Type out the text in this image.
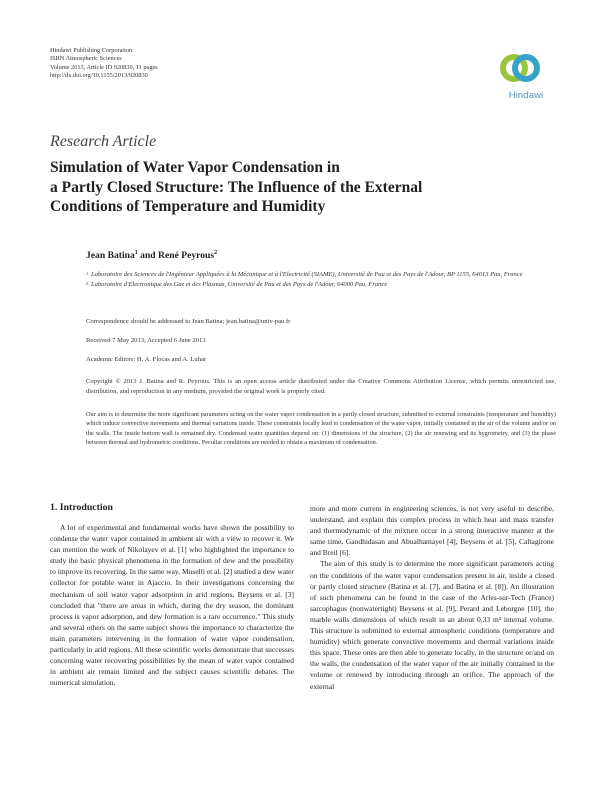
Hindawi Publishing Corporation
ISRN Atmospheric Sciences
Volume 2013, Article ID 920830, 11 pages
http://dx.doi.org/10.1155/2013/920830
Hindawi
Research Article
Simulation of Water Vapor Condensation in
a Partly Closed Structure: The Influence of the External
Conditions of Temperature and Humidity
Jean Batina$^1$ and René Peyrous$^2$
1 Laboratoire des Sciences de l'Ingénieur Appliquées à la Mécanique et à l'Electricité (SIAME), Université de Pau et des Pays de l'Adour, BP 1155, 64013 Pau, France
2 Laboratoire d'Electronique des Gaz et des Plasmas, Université de Pau et des Pays de l'Adour, 64000 Pau, France
Correspondence should be addressed to Jean Batina; jean.batina@univ-pau.fr
Received 7 May 2013; Accepted 6 June 2013
Academic Editors: H. A. Flocas and A. Luhar
Copyright © 2013 J. Batina and R. Peyrous. This is an open access article distributed under the Creative Commons Attribution License, which permits unrestricted use, distribution, and reproduction in any medium, provided the original work is properly cited.
Our aim is to determine the more significant parameters acting on the water vapor condensation in a partly closed structure, submitted to external constraints (temperature and humidity) which induce convective movements and thermal variations inside. These constraints locally lead to condensation of the water vapor, initially contained in the air of the volume and/or on the walls. The inside bottom wall is remained dry. Condensed water quantities depend on: (1) dimensions of the structure, (2) the air renewing and its hygrometry, and (3) the phase between thermal and hydrometric conditions. Peculiar conditions are needed to obtain a maximum of condensation.
1. Introduction

A lot of experimental and fundamental works have shown the possibility to condense the water vapor contained in ambient air with a view to recover it. We can mention the work of Nikolayev et al. [1] who highlighted the importance to study the basic physical phenomena in the formation of dew and the possibility to improve its recovering. In the same way, Muselli et al. [2] studied a dew water collector for potable water in Ajaccio. In their investigations concerning the mechanism of soil water vapor adsorption in arid regions, Beysens et al. [3] concluded that "there are areas in which, during the dry season, the dominant process is vapor adsorption, and dew formation is a rare occurrence." This study and several others on the same subject shows the importance to characterize the main parameters intervening in the formation of water vapor condensation, particularly in arid regions. All these scientific works demonstrate that successes concerning water recovering possibilities by the mean of water vapor contained in ambient air remain limited and the subject causes scientific debates. The numerical simulation,

more and more current in engineering sciences, is not very useful to describe, understand, and explain this complex process in which heat and mass transfer and thermodynamic of the mixture occur in a strong interactive manner at the same time, Gandhidasan and Abualhamayel [4], Beysens et al. [5], Caltagirone and Breil [6].

The aim of this study is to determine the more significant parameters acting on the conditions of the water vapor condensation present in air, inside a closed or partly closed structure (Batina et al. [7], and Batina et al. [8]). An illustration of such phenomena can be found in the case of the Arles-sur-Tech (France) sarcophagus (nonwatertight) Beysens et al. [9], Perard and Leborgne [10], the marble walls dimensions of which result in an about 0.33 m³ internal volume. This structure is submitted to external atmospheric conditions (temperature and humidity) which generate convective movements and thermal variations inside this space. These ones are then able to generate locally, in the structure or/and on the walls, the condensation of the water vapor of the air initially contained in the volume or renewed by introducing through an orifice. The approach of the external
